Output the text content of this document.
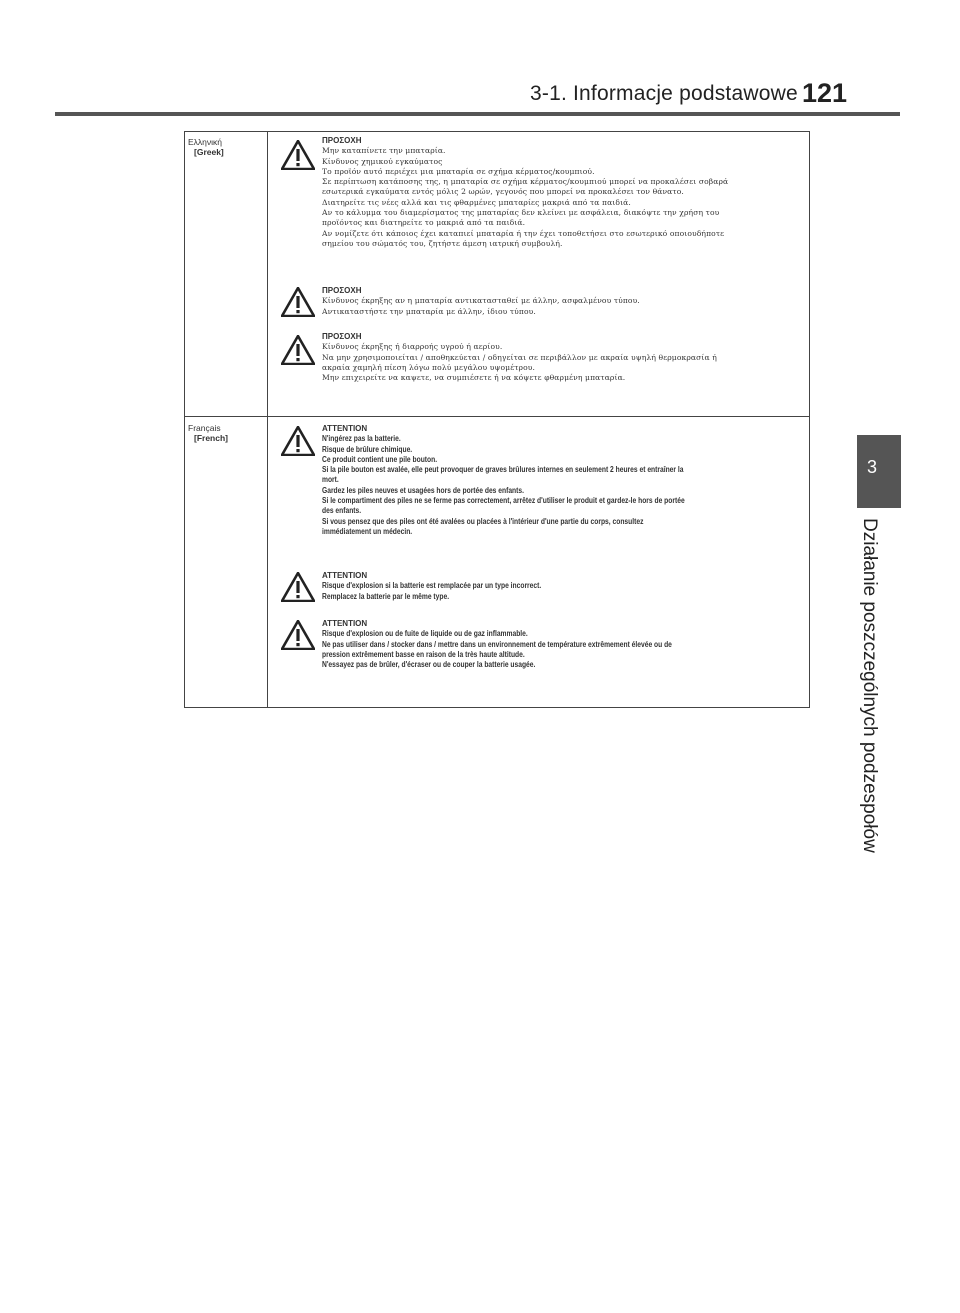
3-1. Informacje podstawowe 121
3
Działanie poszczególnych podzespołów
Ελληνική
[Greek]
ΠΡΟΣΟΧΗ
Μην καταπίνετε την μπαταρία.
Κίνδυνος χημικού εγκαύματος
Το προϊόν αυτό περιέχει μια μπαταρία σε σχήμα κέρματος/κουμπιού.
Σε περίπτωση κατάποσης της, η μπαταρία σε σχήμα κέρματος/κουμπιού μπορεί να προκαλέσει σοβαρά
εσωτερικά εγκαύματα εντός μόλις 2 ωρών, γεγονός που μπορεί να προκαλέσει τον θάνατο.
Διατηρείτε τις νέες αλλά και τις φθαρμένες μπαταρίες μακριά από τα παιδιά.
Αν το κάλυμμα του διαμερίσματος της μπαταρίας δεν κλείνει με ασφάλεια, διακόψτε την χρήση του
προϊόντος και διατηρείτε το μακριά από τα παιδιά.
Αν νομίζετε ότι κάποιος έχει καταπιεί μπαταρία ή την έχει τοποθετήσει στο εσωτερικό οποιουδήποτε
σημείου του σώματός του, ζητήστε άμεση ιατρική συμβουλή.
ΠΡΟΣΟΧΗ
Κίνδυνος έκρηξης αν η μπαταρία αντικατασταθεί με άλλην, ασφαλμένου τύπου.
Αντικαταστήστε την μπαταρία με άλλην, ίδιου τύπου.
ΠΡΟΣΟΧΗ
Κίνδυνος έκρηξης ή διαρροής υγρού ή αερίου.
Να μην χρησιμοποιείται / αποθηκεύεται / οδηγείται σε περιβάλλον με ακραία υψηλή θερμοκρασία ή
ακραία χαμηλή πίεση λόγω πολύ μεγάλου υψομέτρου.
Μην επιχειρείτε να καψετε, να συμπιέσετε ή να κόψετε φθαρμένη μπαταρία.
Français
[French]
ATTENTION
N'ingérez pas la batterie.
Risque de brûlure chimique.
Ce produit contient une pile bouton.
Si la pile bouton est avalée, elle peut provoquer de graves brûlures internes en seulement 2 heures et entraîner la
mort.
Gardez les piles neuves et usagées hors de portée des enfants.
Si le compartiment des piles ne se ferme pas correctement, arrêtez d'utiliser le produit et gardez-le hors de portée
des enfants.
Si vous pensez que des piles ont été avalées ou placées à l'intérieur d'une partie du corps, consultez
immédiatement un médecin.
ATTENTION
Risque d'explosion si la batterie est remplacée par un type incorrect.
Remplacez la batterie par le même type.
ATTENTION
Risque d'explosion ou de fuite de liquide ou de gaz inflammable.
Ne pas utiliser dans / stocker dans / mettre dans un environnement de température extrêmement élevée ou de
pression extrêmement basse en raison de la très haute altitude.
N'essayez pas de brûler, d'écraser ou de couper la batterie usagée.
